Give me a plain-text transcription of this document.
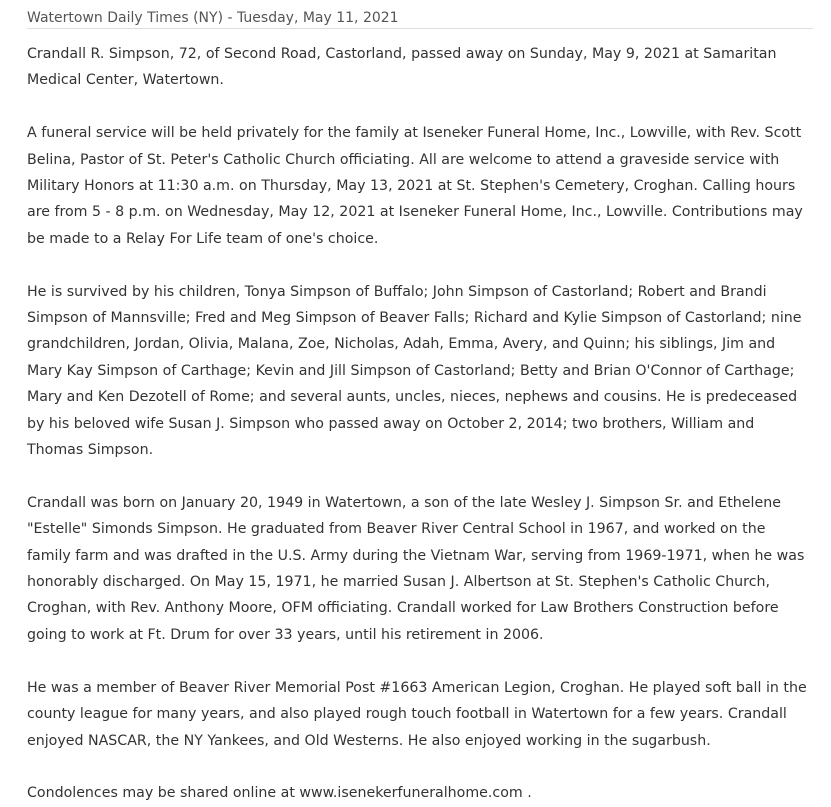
Watertown Daily Times (NY) - Tuesday, May 11, 2021

Crandall R. Simpson, 72, of Second Road, Castorland, passed away on Sunday, May 9, 2021 at Samaritan Medical Center, Watertown.

A funeral service will be held privately for the family at Iseneker Funeral Home, Inc., Lowville, with Rev. Scott Belina, Pastor of St. Peter's Catholic Church officiating. All are welcome to attend a graveside service with Military Honors at 11:30 a.m. on Thursday, May 13, 2021 at St. Stephen's Cemetery, Croghan. Calling hours are from 5 - 8 p.m. on Wednesday, May 12, 2021 at Iseneker Funeral Home, Inc., Lowville. Contributions may be made to a Relay For Life team of one's choice.

He is survived by his children, Tonya Simpson of Buffalo; John Simpson of Castorland; Robert and Brandi Simpson of Mannsville; Fred and Meg Simpson of Beaver Falls; Richard and Kylie Simpson of Castorland; nine grandchildren, Jordan, Olivia, Malana, Zoe, Nicholas, Adah, Emma, Avery, and Quinn; his siblings, Jim and Mary Kay Simpson of Carthage; Kevin and Jill Simpson of Castorland; Betty and Brian O'Connor of Carthage; Mary and Ken Dezotell of Rome; and several aunts, uncles, nieces, nephews and cousins. He is predeceased by his beloved wife Susan J. Simpson who passed away on October 2, 2014; two brothers, William and Thomas Simpson.

Crandall was born on January 20, 1949 in Watertown, a son of the late Wesley J. Simpson Sr. and Ethelene "Estelle" Simonds Simpson. He graduated from Beaver River Central School in 1967, and worked on the family farm and was drafted in the U.S. Army during the Vietnam War, serving from 1969-1971, when he was honorably discharged. On May 15, 1971, he married Susan J. Albertson at St. Stephen's Catholic Church, Croghan, with Rev. Anthony Moore, OFM officiating. Crandall worked for Law Brothers Construction before going to work at Ft. Drum for over 33 years, until his retirement in 2006.

He was a member of Beaver River Memorial Post #1663 American Legion, Croghan. He played soft ball in the county league for many years, and also played rough touch football in Watertown for a few years. Crandall enjoyed NASCAR, the NY Yankees, and Old Westerns. He also enjoyed working in the sugarbush.

Condolences may be shared online at www.isenekerfuneralhome.com .
